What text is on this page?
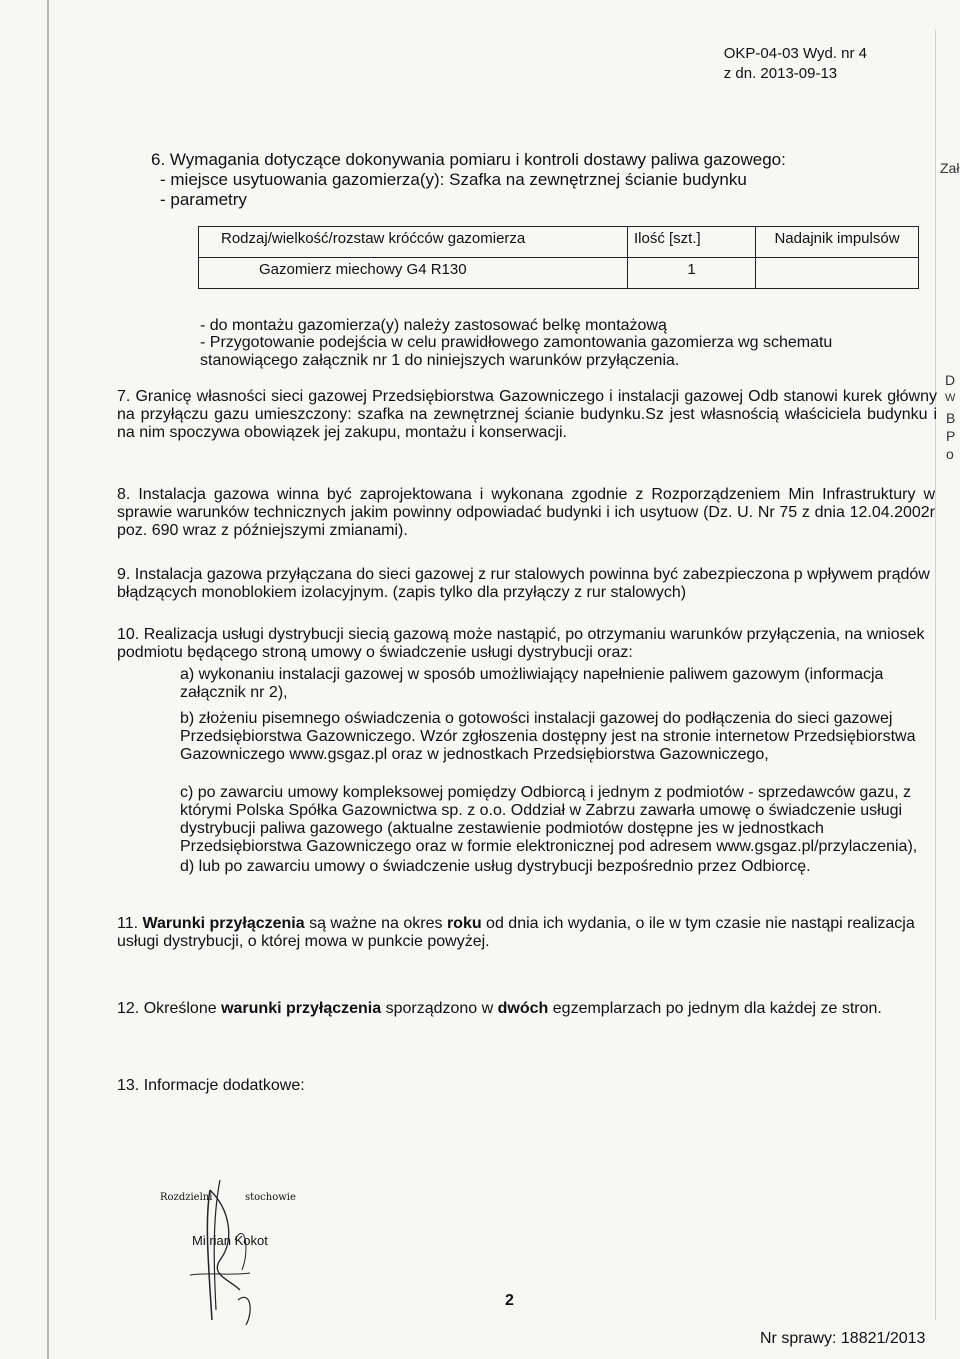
OKP-04-03 Wyd. nr 4
z dn. 2013-09-13
6. Wymagania dotyczące dokonywania pomiaru i kontroli dostawy paliwa gazowego:
- miejsce usytuowania gazomierza(y): Szafka na zewnętrznej ścianie budynku
- parametry
Rodzaj/wielkość/rozstaw króćców gazomierza	Ilość [szt.]	Nadajnik impulsów
Gazomierz miechowy G4 R130	1	
- do montażu gazomierza(y) należy zastosować belkę montażową
- Przygotowanie podejścia w celu prawidłowego zamontowania gazomierza wg schematu stanowiącego załącznik nr 1 do niniejszych warunków przyłączenia.
7. Granicę własności sieci gazowej Przedsiębiorstwa Gazowniczego i instalacji gazowej Odb stanowi kurek główny na przyłączu gazu umieszczony: szafka na zewnętrznej ścianie budynku.Sz jest własnością właściciela budynku i na nim spoczywa obowiązek jej zakupu, montażu i konserwacji.
8. Instalacja gazowa winna być zaprojektowana i wykonana zgodnie z Rozporządzeniem Min Infrastruktury w sprawie warunków technicznych jakim powinny odpowiadać budynki i ich usytuow (Dz. U. Nr 75 z dnia 12.04.2002r poz. 690 wraz z późniejszymi zmianami).
9. Instalacja gazowa przyłączana do sieci gazowej z rur stalowych powinna być zabezpieczona p wpływem prądów błądzących monoblokiem izolacyjnym. (zapis tylko dla przyłączy z rur stalowych)
10. Realizacja usługi dystrybucji siecią gazową może nastąpić, po otrzymaniu warunków przyłączenia, na wniosek podmiotu będącego stroną umowy o świadczenie usługi dystrybucji oraz:
a) wykonaniu instalacji gazowej w sposób umożliwiający napełnienie paliwem gazowym (informacja załącznik nr 2),
b) złożeniu pisemnego oświadczenia o gotowości instalacji gazowej do podłączenia do sieci gazowej Przedsiębiorstwa Gazowniczego. Wzór zgłoszenia dostępny jest na stronie internetow Przedsiębiorstwa Gazowniczego www.gsgaz.pl oraz w jednostkach Przedsiębiorstwa Gazowniczego,
c) po zawarciu umowy kompleksowej pomiędzy Odbiorcą i jednym z podmiotów - sprzedawców gazu, z którymi Polska Spółka Gazownictwa sp. z o.o. Oddział w Zabrzu zawarła umowę o świadczenie usługi dystrybucji paliwa gazowego (aktualne zestawienie podmiotów dostępne jes w jednostkach Przedsiębiorstwa Gazowniczego oraz w formie elektronicznej pod adresem www.gsgaz.pl/przylaczenia),
d) lub po zawarciu umowy o świadczenie usług dystrybucji bezpośrednio przez Odbiorcę.
11. Warunki przyłączenia są ważne na okres roku od dnia ich wydania, o ile w tym czasie nie nastąpi realizacja usługi dystrybucji, o której mowa w punkcie powyżej.
12. Określone warunki przyłączenia sporządzono w dwóch egzemplarzach po jednym dla każdej ze stron.
13. Informacje dodatkowe:
Rozdzielni	stochowie
Mi rian Kokot
Zał
D
W
B
P
o
2
Nr sprawy: 18821/2013
